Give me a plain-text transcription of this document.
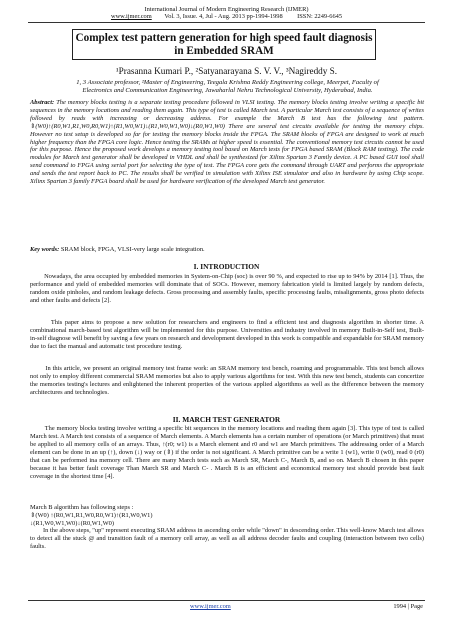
International Journal of Modern Engineering Research (IJMER)
www.ijmer.com Vol. 3, Issue. 4, Jul - Aug. 2013 pp-1994-1998 ISSN: 2249-6645
Complex test pattern generation for high speed fault diagnosis
in Embedded SRAM
¹Prasanna Kumari P., ²Satyanarayana S. V. V., ³Nagireddy S.
1, 3 Associate professor, ²Master of Engineering, Teegala Krishna Reddy Engineering college, Meerpet, Faculty of
Electronics and Communication Engineering, Jawaharlal Nehru Technological University, Hyderabad, India.
Abstract: The memory blocks testing is a separate testing procedure followed in VLSI testing. The memory blocks testing involve writing a specific bit sequences in the memory locations and reading them again. This type of test is called March test. A particular March test consists of a sequence of writes followed by reads with increasing or decreasing address. For example the March B test has the following test pattern. ⇕(W0)↑(R0,W1,R1,W0,R0,W1)↑(R1,W0,W1)↓(R1,W0,W1,W0)↓(R0,W1,W0) There are several test circuits available for testing the memory chips. However no test setup is developed so far for testing the memory blocks inside the FPGA. The SRAM blocks of FPGA are designed to work at much higher frequency than the FPGA core logic. Hence testing the SRAMs at higher speed is essential. The conventional memory test circuits cannot be used for this purpose. Hence the proposed work develops a memory testing tool based on March tests for FPGA based SRAM (Block RAM testing). The code modules for March test generator shall be developed in VHDL and shall be synthesized for Xilinx Spartan 3 Family device. A PC based GUI tool shall send command to FPGA using serial port for selecting the type of test. The FPGA core gets the command through UART and performs the appropriate and sends the test report back to PC. The results shall be verified in simulation with Xilinx ISE simulator and also in hardware by using Chip scope. Xilinx Spartan 3 family FPGA board shall be used for hardware verification of the developed March test generator.
Key words: SRAM block, FPGA, VLSI-very large scale integration.
I. INTRODUCTION
Nowadays, the area occupied by embedded memories in System-on-Chip (soc) is over 90 %, and expected to rise up to 94% by 2014 [1]. Thus, the performance and yield of embedded memories will dominate that of SOCs. However, memory fabrication yield is limited largely by random defects, random oxide pinholes, and random leakage defects. Gross processing and assembly faults, specific processing faults, misalignments, gross photo defects and other faults and defects [2].
This paper aims to propose a new solution for researchers and engineers to find a efficient test and diagnosis algorithm in shorter time. A combinational march-based test algorithm will be implemented for this purpose. Universities and industry involved in memory Built-in-Self test, Built-in-self diagnose will benefit by saving a few years on research and development developed in this work is compatible and expandable for SRAM memory due to fact the manual and automatic test procedure testing.
In this article, we present an original memory test frame work: an SRAM memory test bench, roaming and programmable. This test bench allows not only to employ different commercial SRAM memories but also to apply various algorithms for test. With this new test bench, students can concertize the memories testing's lectures and enlightened the inherent properties of the various applied algorithms as well as the difference between the memory architectures and technologies.
II. MARCH TEST GENERATOR
The memory blocks testing involve writing a specific bit sequences in the memory locations and reading them again [3]. This type of test is called March test. A March test consists of a sequence of March elements. A March elements has a certain number of operations (or March primitives) that must be applied to all memory cells of an arrays. Thus, ↑(r0; w1) is a March element and r0 and w1 are March primitives. The addressing order of a March element can be done in an up (↑), down (↓) way or (⇕) if the order is not significant. A March primitive can be a write 1 (w1), write 0 (w0), read 0 (r0) that can be performed ina memory cell. There are many March tests such as March SR, March C-, March B, and so on. March B chosen in this paper because it has better fault coverage Than March SR and March C- . March B is an efficient and economical memory test should provide best fault coverage in the shortest time [4].
March B algorithm has following steps :
⇕(W0) ↑(R0,W1,R1,W0,R0,W1)↑(R1,W0,W1)
↓(R1,W0,W1,W0)↓(R0,W1,W0)
In the above steps, "up" represent executing SRAM address in ascending order while "down" in descending order. This well-know March test allows to detect all the stuck @ and transition fault of a memory cell array, as well as all address decoder faults and coupling (interaction between two cells) faults.
www.ijmer.com	1994 | Page
